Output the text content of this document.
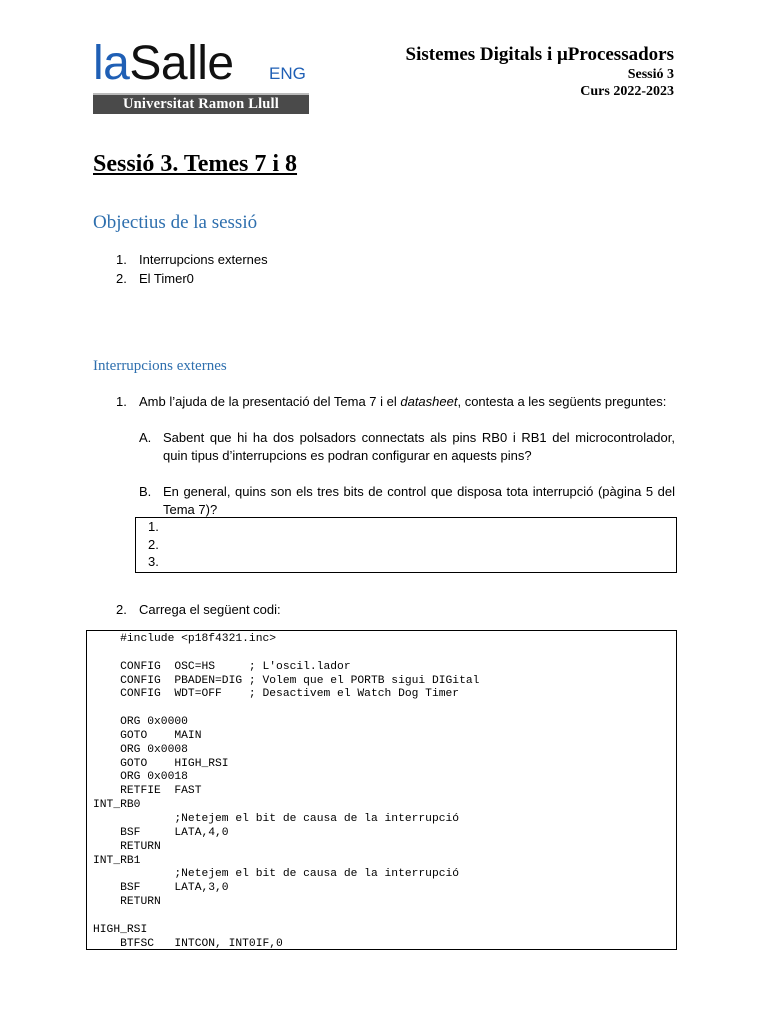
laSalle ENG
Universitat Ramon Llull
Sistemes Digitals i μProcessadors
Sessió 3
Curs 2022-2023
Sessió 3. Temes 7 i 8
Objectius de la sessió
1. Interrupcions externes
2. El Timer0
Interrupcions externes
1. Amb l’ajuda de la presentació del Tema 7 i el datasheet, contesta a les següents preguntes:
A. Sabent que hi ha dos polsadors connectats als pins RB0 i RB1 del microcontrolador, quin tipus d’interrupcions es podran configurar en aquests pins?
B. En general, quins son els tres bits de control que disposa tota interrupció (pàgina 5 del Tema 7)?
1.
2.
3.
2. Carrega el següent codi:
#include <p18f4321.inc>
CONFIG  OSC=HS     ; L'oscil.lador
CONFIG  PBADEN=DIG ; Volem que el PORTB sigui DIGital
CONFIG  WDT=OFF    ; Desactivem el Watch Dog Timer
ORG 0x0000
GOTO    MAIN
ORG 0x0008
GOTO    HIGH_RSI
ORG 0x0018
RETFIE  FAST
INT_RB0
;Netejem el bit de causa de la interrupció
BSF     LATA,4,0
RETURN
INT_RB1
;Netejem el bit de causa de la interrupció
BSF     LATA,3,0
RETURN
HIGH_RSI
BTFSC   INTCON, INT0IF,0
